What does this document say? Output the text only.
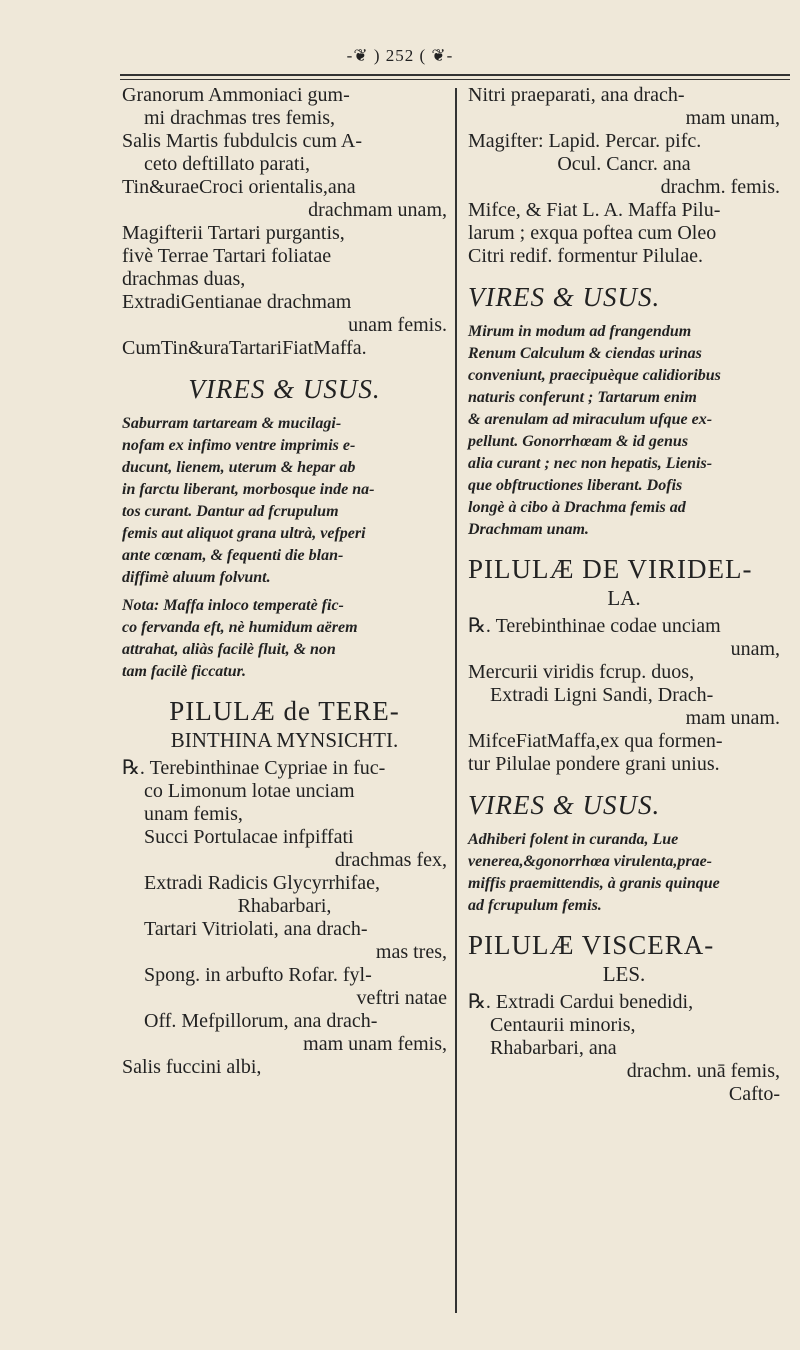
-❦ ) 252 ( ❦-

Granorum Ammoniaci gum-

mi drachmas tres femis,

Salis Martis fubdulcis cum A-

ceto deftillato parati,

Tin&uraeCroci orientalis,ana

drachmam unam,

Magifterii Tartari purgantis,

fivè Terrae Tartari foliatae

drachmas duas,

ExtradiGentianae drachmam

unam femis.

CumTin&uraTartariFiatMaffa.

VIRES & USUS.

Saburram tartaream & mucilagi-

nofam ex infimo ventre imprimis e-

ducunt, lienem, uterum & hepar ab

in farctu liberant, morbosque inde na-

tos curant. Dantur ad fcrupulum

femis aut aliquot grana ultrà, vefperi

ante cœnam, & fequenti die blan-

diffimè aluum folvunt.

Nota: Maffa inloco temperatè fic-

co fervanda eft, nè humidum aërem

attrahat, aliàs facilè fluit, & non

tam facilè ficcatur.

PILULÆ de TERE-
BINTHINA MYNSICHTI.

℞. Terebinthinae Cypriae in fuc-

co Limonum lotae unciam

unam femis,

Succi Portulacae infpiffati

drachmas fex,

Extradi Radicis Glycyrrhifae,

Rhabarbari,

Tartari Vitriolati, ana drach-

mas tres,

Spong. in arbufto Rofar. fyl-

veftri natae

Off. Mefpillorum, ana drach-

mam unam femis,

Salis fuccini albi,

Nitri praeparati, ana drach-

mam unam,

Magifter: Lapid. Percar. pifc.

Ocul. Cancr. ana

drachm. femis.

Mifce, & Fiat L. A. Maffa Pilu-

larum ; exqua poftea cum Oleo

Citri redif. formentur Pilulae.

VIRES & USUS.

Mirum in modum ad frangendum

Renum Calculum & ciendas urinas

conveniunt, praecipuèque calidioribus

naturis conferunt ; Tartarum enim

& arenulam ad miraculum ufque ex-

pellunt. Gonorrhœam & id genus

alia curant ; nec non hepatis, Lienis-

que obftructiones liberant. Dofis

longè à cibo à Drachma femis ad

Drachmam unam.

PILULÆ DE VIRIDEL-
LA.

℞. Terebinthinae codae unciam

unam,

Mercurii viridis fcrup. duos,

Extradi Ligni Sandi, Drach-

mam unam.

MifceFiatMaffa,ex qua formen-

tur Pilulae pondere grani unius.

VIRES & USUS.

Adhiberi folent in curanda, Lue

venerea,&gonorrhœa virulenta,prae-

miffis praemittendis, à granis quinque

ad fcrupulum femis.

PILULÆ VISCERA-
LES.

℞. Extradi Cardui benedidi,

Centaurii minoris,

Rhabarbari, ana

drachm. unā femis,

Cafto-
